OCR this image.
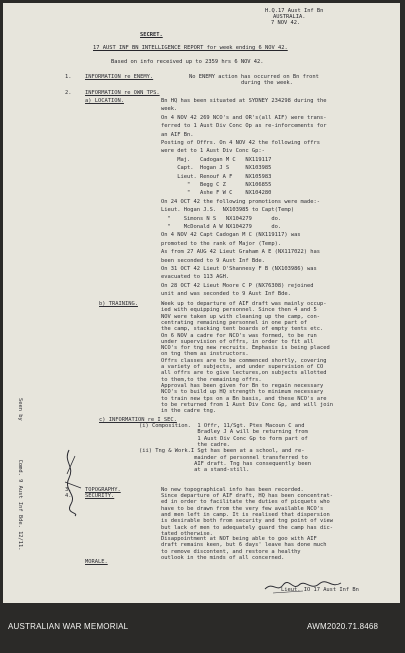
H.Q.17 Aust Inf Bn
AUSTRALIA.
7 NOV 42.
SECRET.
17 AUST INF BN INTELLIGENCE REPORT for week ending 6 NOV 42.
Based on info received up to 2359 hrs 6 NOV 42.
1.	INFORMATION re ENEMY.	No ENEMY action has occurred on Bn front
during the week.
2.	INFORMATION re OWN TPS.
a) LOCATION.	Bn HQ has been situated at SYDNEY 234298 during the
week.
On 4 NOV 42 269 NCO's and OR's(all AIF) were trans-
ferred to 1 Aust Div Conc Op as re-inforcements for
an AIF Bn.
Posting of Offrs. On 4 NOV 42 the following offrs
were det to 1 Aust Div Conc Gp:-
Maj.   Cadogan M C   NX119117
Capt.  Hogan J S     NX103985
Lieut. Renouf A F    NX105983
"   Begg C Z      NX106855
"   Ashe F W C    NX104280
On 24 OCT 42 the following promotions were made:-
Lieut. Hogan J.S.  NX103985 to Capt(Temp)
"    Simons N S   NX104279      do.
"    McDonald A W NX104279      do.
On 4 NOV 42 Capt Cadogan M C (NX119117) was
promoted to the rank of Major (Temp).
As from 27 AUG 42 Lieut Graham A E (NX117022) has
been seconded to 9 Aust Inf Bde.
On 31 OCT 42 Lieut O'Shannesy F B (NX103986) was
evacuated to 113 AGH.
On 28 OCT 42 Lieut Moore C P (NX76308) rejoined
unit and was seconded to 9 Aust Inf Bde.
b) TRAINING.	Week up to departure of AIF draft was mainly occup-
ied with equipping personnel. Since then 4 and 5
NOV were taken up with cleaning up the camp, con-
centrating remaining personnel in one part of
the camp, stacking tent boards of empty tents etc.
On 6 NOV a cadre for NCO's was formed, to be run
under supervision of offrs, in order to fit all
NCO's for tng new recruits. Emphasis is being placed
on tng them as instructors.
Offrs classes are to be commenced shortly, covering
a variety of subjects, and under supervision of CO
all offrs are to give lectures,on subjects allotted
to them,to the remaining offrs.
Approval has been given for Bn to regain necessary
NCO's to build up HQ strength to minimum necessary
to train new tps on a Bn basis, and these NCO's are
to be returned from 1 Aust Div Conc Gp, and will join
in the cadre tng.
c) INFORMATION re I SEC.
(i) Composition.  1 Offr, 11/Sgt. Ptes Macoun C and
Bradley J A will be returning from
1 Aust Div Conc Gp to form part of
the cadre.
(ii) Tng & Work.I Sgt has been at a school, and re-
mainder of personnel transferred to
AIF draft. Tng has consequently been
at a stand-still.
3.	TOPOGRAPHY.	No new topographical info has been recorded.
4.	SECURITY.	Since departure of AIF draft, HQ has been concentrat-
ed in order to facilitate the duties of picquets who
have to be drawn from the very few available NCO's
and men left in camp. It is realised that dispersion
is desirable both from security and tng point of view
but lack of men to adequately guard the camp has dic-
tated otherwise.
Disappointment at NOT being able to goo with AIF
draft remains keen, but 6 days' leave has done much
to remove discontent, and restore a healthy
outlook in the minds of all concerned.
MORALE.
Lieut. IO 17 Aust Inf Bn
Seen by            Comd. 9 Aust Inf Bde. 12/11.
AUSTRALIAN WAR MEMORIAL	AWM2020.71.8468
